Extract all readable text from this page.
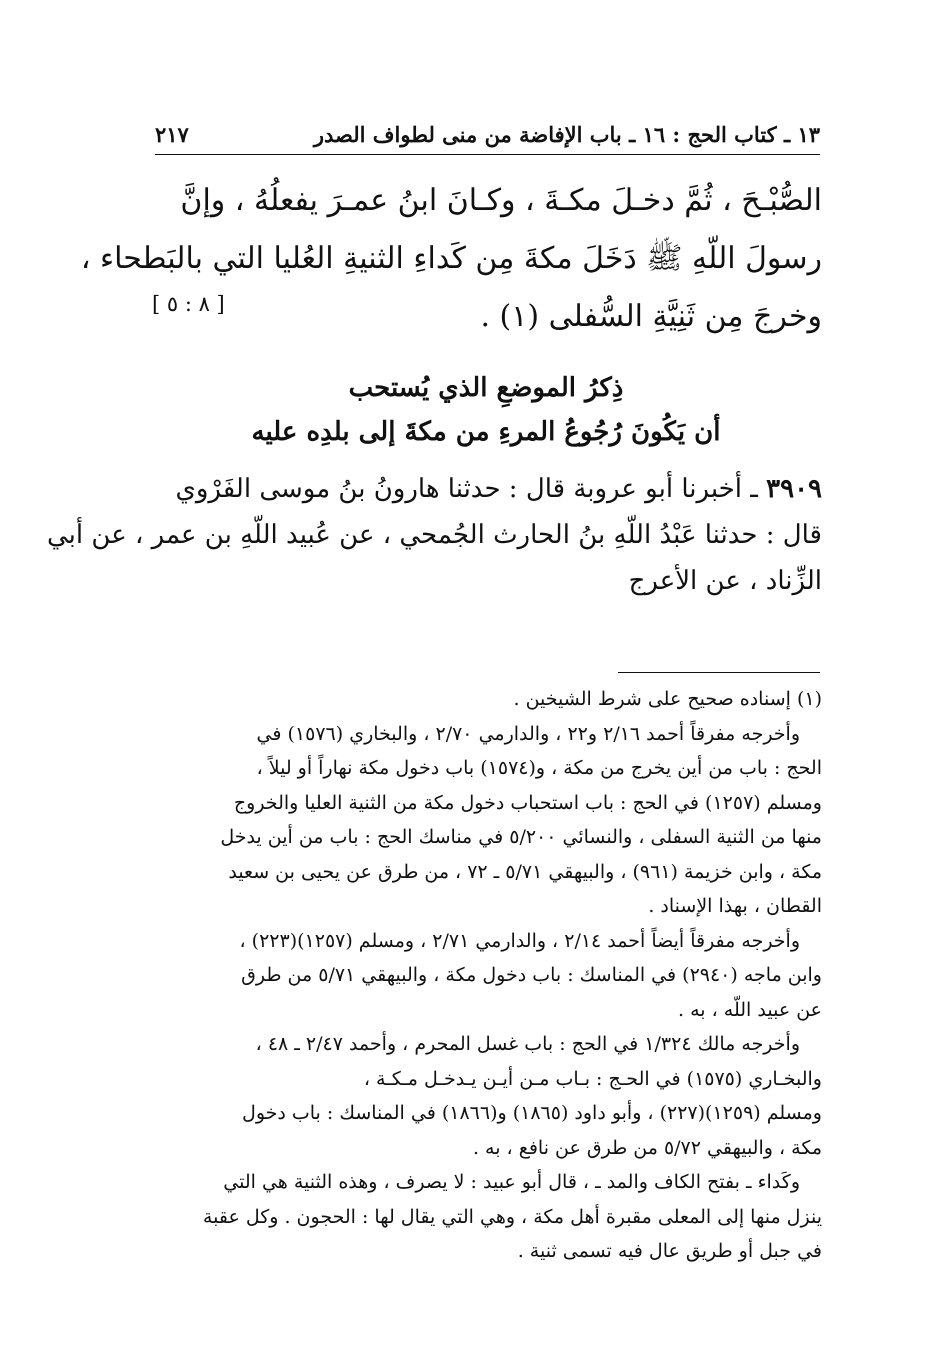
١٣ ـ كتاب الحج : ١٦ ـ باب الإفاضة من منى لطواف الصدر
٢١٧
الصُّبْـحَ ، ثُمَّ دخـلَ مكـةَ ، وكـانَ ابنُ عمـرَ يفعلُهُ ، وإنَّ
رسولَ اللّهِ ﷺ دَخَلَ مكةَ مِن كَداءِ الثنيةِ العُليا التي بالبَطحاء ،
وخرجَ مِن ثَنِيَّةِ السُّفلى (١) .
[ ٨ : ٥ ]
ذِكرُ الموضعِ الذي يُستحب
أن يَكُونَ رُجُوعُ المرءِ من مكةَ إلى بلدِه عليه
٣٩٠٩ ـ أخبرنا أبو عروبة قال : حدثنا هارونُ بنُ موسى الفَرْوي
قال : حدثنا عَبْدُ اللّهِ بنُ الحارث الجُمحي ، عن عُبيد اللّهِ بن عمر ، عن أبي
الزِّناد ، عن الأعرج
(١) إسناده صحيح على شرط الشيخين .
وأخرجه مفرقاً أحمد ٢/١٦ و٢٢ ، والدارمي ٢/٧٠ ، والبخاري (١٥٧٦) في
الحج : باب من أين يخرج من مكة ، و(١٥٧٤) باب دخول مكة نهاراً أو ليلاً ،
ومسلم (١٢٥٧) في الحج : باب استحباب دخول مكة من الثنية العليا والخروج
منها من الثنية السفلى ، والنسائي ٥/٢٠٠ في مناسك الحج : باب من أين يدخل
مكة ، وابن خزيمة (٩٦١) ، والبيهقي ٥/٧١ ـ ٧٢ ، من طرق عن يحيى بن سعيد
القطان ، بهذا الإسناد .
وأخرجه مفرقاً أيضاً أحمد ٢/١٤ ، والدارمي ٢/٧١ ، ومسلم (١٢٥٧)(٢٢٣) ،
وابن ماجه (٢٩٤٠) في المناسك : باب دخول مكة ، والبيهقي ٥/٧١ من طرق
عن عبيد اللّه ، به .
وأخرجه مالك ١/٣٢٤ في الحج : باب غسل المحرم ، وأحمد ٢/٤٧ ـ ٤٨ ،
والبخـاري (١٥٧٥) في الحـج : بـاب مـن أيـن يـدخـل مـكـة ،
ومسلم (١٢٥٩)(٢٢٧) ، وأبو داود (١٨٦٥) و(١٨٦٦) في المناسك : باب دخول
مكة ، والبيهقي ٥/٧٢ من طرق عن نافع ، به .
وكَداء ـ بفتح الكاف والمد ـ ، قال أبو عبيد : لا يصرف ، وهذه الثنية هي التي
ينزل منها إلى المعلى مقبرة أهل مكة ، وهي التي يقال لها : الحجون . وكل عقبة
في جبل أو طريق عال فيه تسمى ثنية .
